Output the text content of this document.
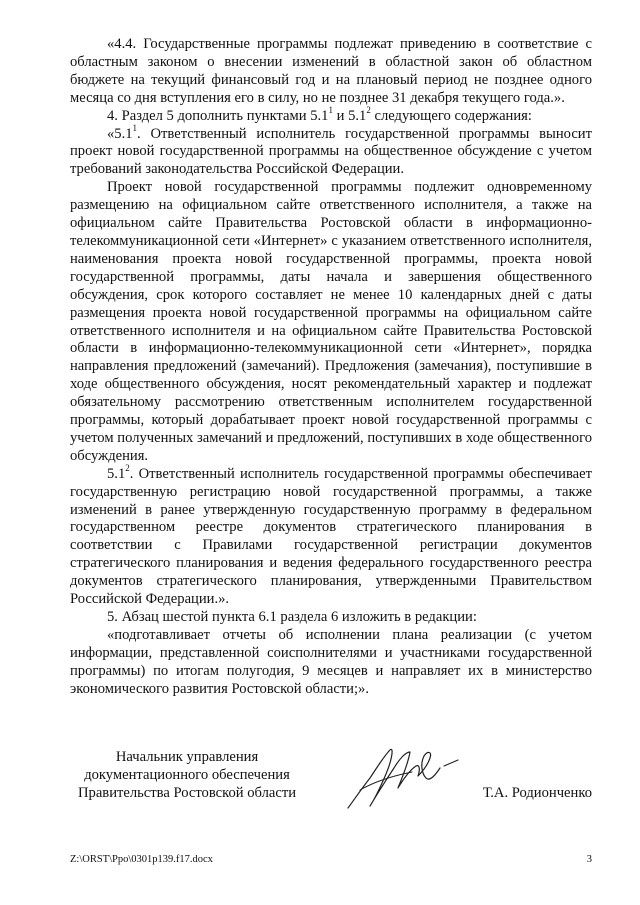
«4.4. Государственные программы подлежат приведению в соответствие с областным законом о внесении изменений в областной закон об областном бюджете на текущий финансовый год и на плановый период не позднее одного месяца со дня вступления его в силу, но не позднее 31 декабря текущего года.».

4. Раздел 5 дополнить пунктами $5.1^1$ и $5.1^2$ следующего содержания:

«$5.1^1$. Ответственный исполнитель государственной программы выносит проект новой государственной программы на общественное обсуждение с учетом требований законодательства Российской Федерации.

Проект новой государственной программы подлежит одновременному размещению на официальном сайте ответственного исполнителя, а также на официальном сайте Правительства Ростовской области в информационно-телекоммуникационной сети «Интернет» с указанием ответственного исполнителя, наименования проекта новой государственной программы, проекта новой государственной программы, даты начала и завершения общественного обсуждения, срок которого составляет не менее 10 календарных дней с даты размещения проекта новой государственной программы на официальном сайте ответственного исполнителя и на официальном сайте Правительства Ростовской области в информационно-телекоммуникационной сети «Интернет», порядка направления предложений (замечаний). Предложения (замечания), поступившие в ходе общественного обсуждения, носят рекомендательный характер и подлежат обязательному рассмотрению ответственным исполнителем государственной программы, который дорабатывает проект новой государственной программы с учетом полученных замечаний и предложений, поступивших в ходе общественного обсуждения.

$5.1^2$. Ответственный исполнитель государственной программы обеспечивает государственную регистрацию новой государственной программы, а также изменений в ранее утвержденную государственную программу в федеральном государственном реестре документов стратегического планирования в соответствии с Правилами государственной регистрации документов стратегического планирования и ведения федерального государственного реестра документов стратегического планирования, утвержденными Правительством Российской Федерации.».

5. Абзац шестой пункта 6.1 раздела 6 изложить в редакции:

«подготавливает отчеты об исполнении плана реализации (с учетом информации, представленной соисполнителями и участниками государственной программы) по итогам полугодия, 9 месяцев и направляет их в министерство экономического развития Ростовской области;».

Начальник управления
документационного обеспечения
Правительства Ростовской области	Т.А. Родионченко
Z:\ORST\Ppo\0301p139.f17.docx	3
